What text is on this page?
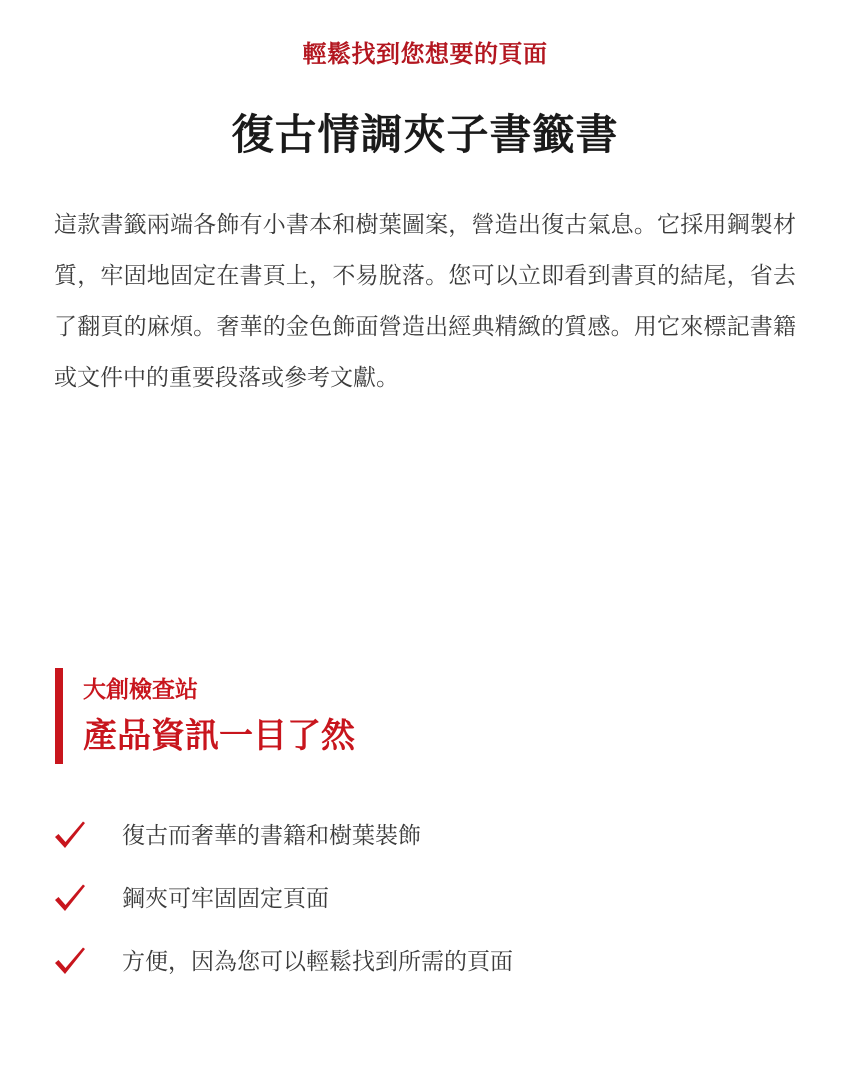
輕鬆找到您想要的頁面
復古情調夾子書籤書

這款書籤兩端各飾有小書本和樹葉圖案，營造出復古氣息。它採用鋼製材質，牢固地固定在書頁上，不易脫落。您可以立即看到書頁的結尾，省去了翻頁的麻煩。奢華的金色飾面營造出經典精緻的質感。用它來標記書籍或文件中的重要段落或參考文獻。

大創檢查站
產品資訊一目了然
復古而奢華的書籍和樹葉裝飾
鋼夾可牢固固定頁面
方便，因為您可以輕鬆找到所需的頁面
